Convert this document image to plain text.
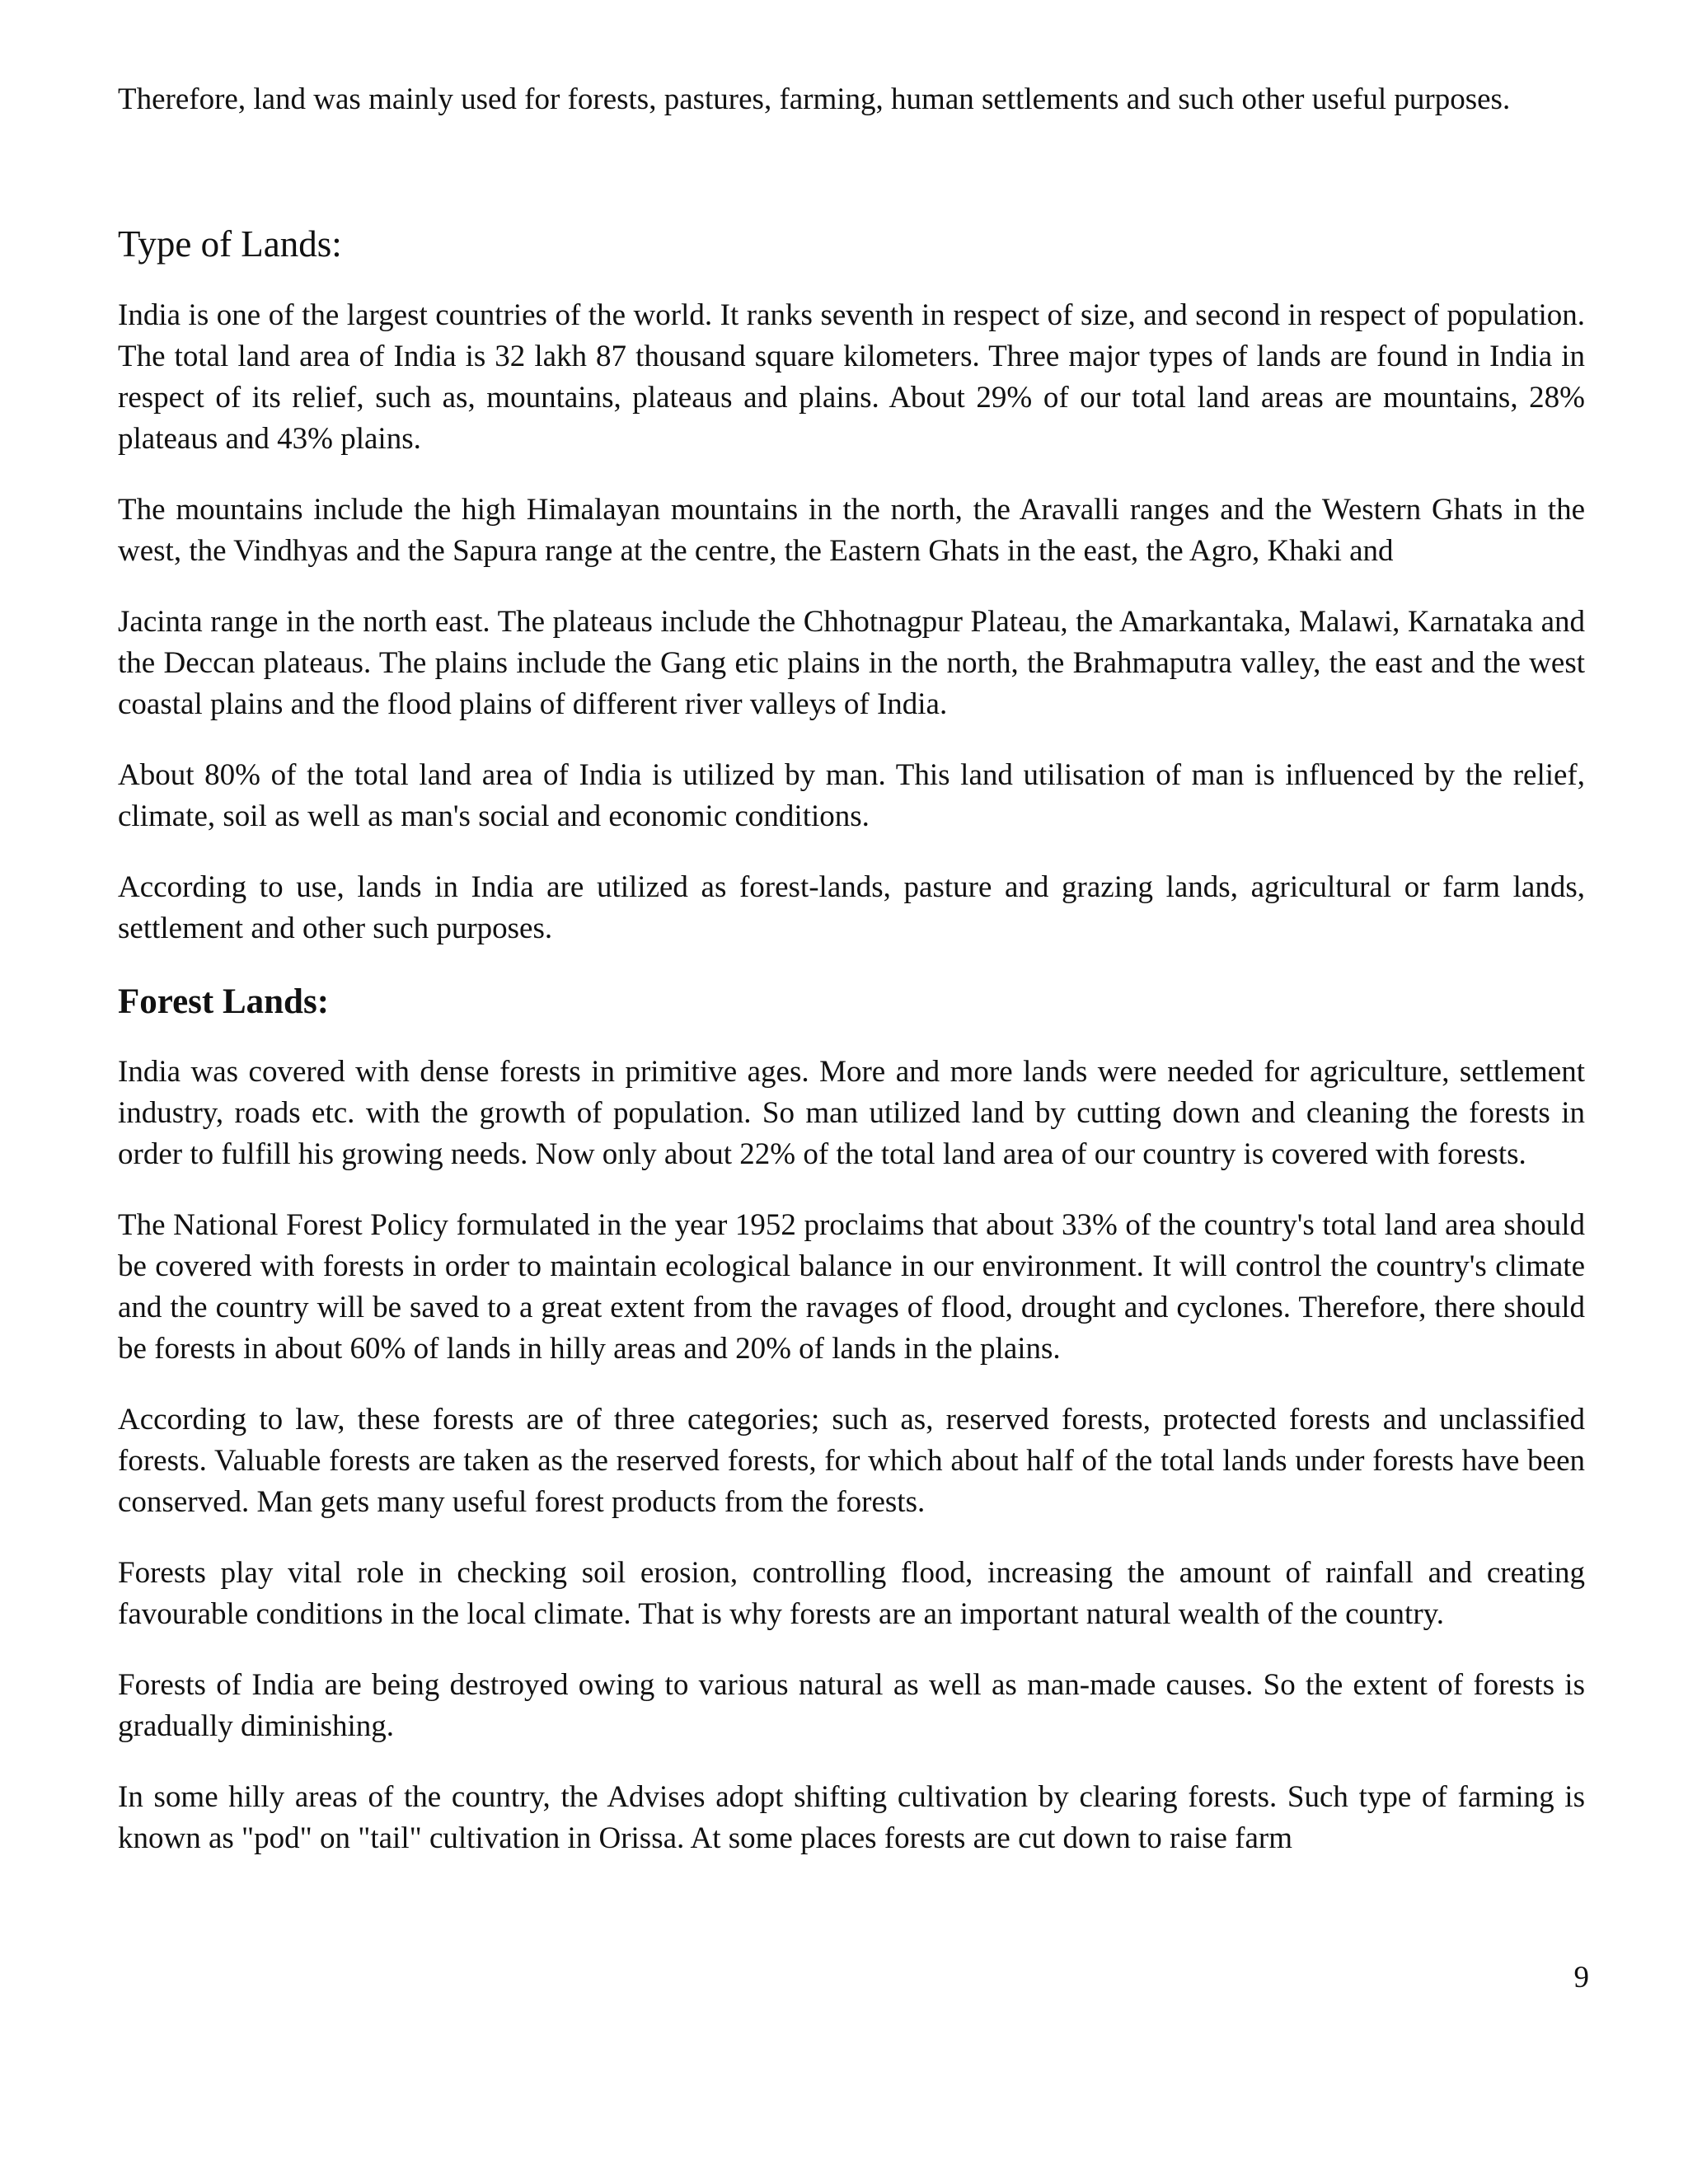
Therefore, land was mainly used for forests, pastures, farming, human settlements and such other useful purposes.

Type of Lands:

India is one of the largest countries of the world. It ranks seventh in respect of size, and second in respect of population. The total land area of India is 32 lakh 87 thousand square kilometers. Three major types of lands are found in India in respect of its relief, such as, mountains, plateaus and plains. About 29% of our total land areas are mountains, 28% plateaus and 43% plains.

The mountains include the high Himalayan mountains in the north, the Aravalli ranges and the Western Ghats in the west, the Vindhyas and the Sapura range at the centre, the Eastern Ghats in the east, the Agro, Khaki and

Jacinta range in the north east. The plateaus include the Chhotnagpur Plateau, the Amarkantaka, Malawi, Karnataka and the Deccan plateaus. The plains include the Gang etic plains in the north, the Brahmaputra valley, the east and the west coastal plains and the flood plains of different river valleys of India.

About 80% of the total land area of India is utilized by man. This land utilisation of man is influenced by the relief, climate, soil as well as man's social and economic conditions.

According to use, lands in India are utilized as forest-lands, pasture and grazing lands, agricultural or farm lands, settlement and other such purposes.

Forest Lands:

India was covered with dense forests in primitive ages. More and more lands were needed for agriculture, settlement industry, roads etc. with the growth of population. So man utilized land by cutting down and cleaning the forests in order to fulfill his growing needs. Now only about 22% of the total land area of our country is covered with forests.

The National Forest Policy formulated in the year 1952 proclaims that about 33% of the country's total land area should be covered with forests in order to maintain ecological balance in our environment. It will control the country's climate and the country will be saved to a great extent from the ravages of flood, drought and cyclones. Therefore, there should be forests in about 60% of lands in hilly areas and 20% of lands in the plains.

According to law, these forests are of three categories; such as, reserved forests, protected forests and unclassified forests. Valuable forests are taken as the reserved forests, for which about half of the total lands under forests have been conserved. Man gets many useful forest products from the forests.

Forests play vital role in checking soil erosion, controlling flood, increasing the amount of rainfall and creating favourable conditions in the local climate. That is why forests are an important natural wealth of the country.

Forests of India are being destroyed owing to various natural as well as man-made causes. So the extent of forests is gradually diminishing.

In some hilly areas of the country, the Advises adopt shifting cultivation by clearing forests. Such type of farming is known as "pod" on "tail" cultivation in Orissa. At some places forests are cut down to raise farm

9
